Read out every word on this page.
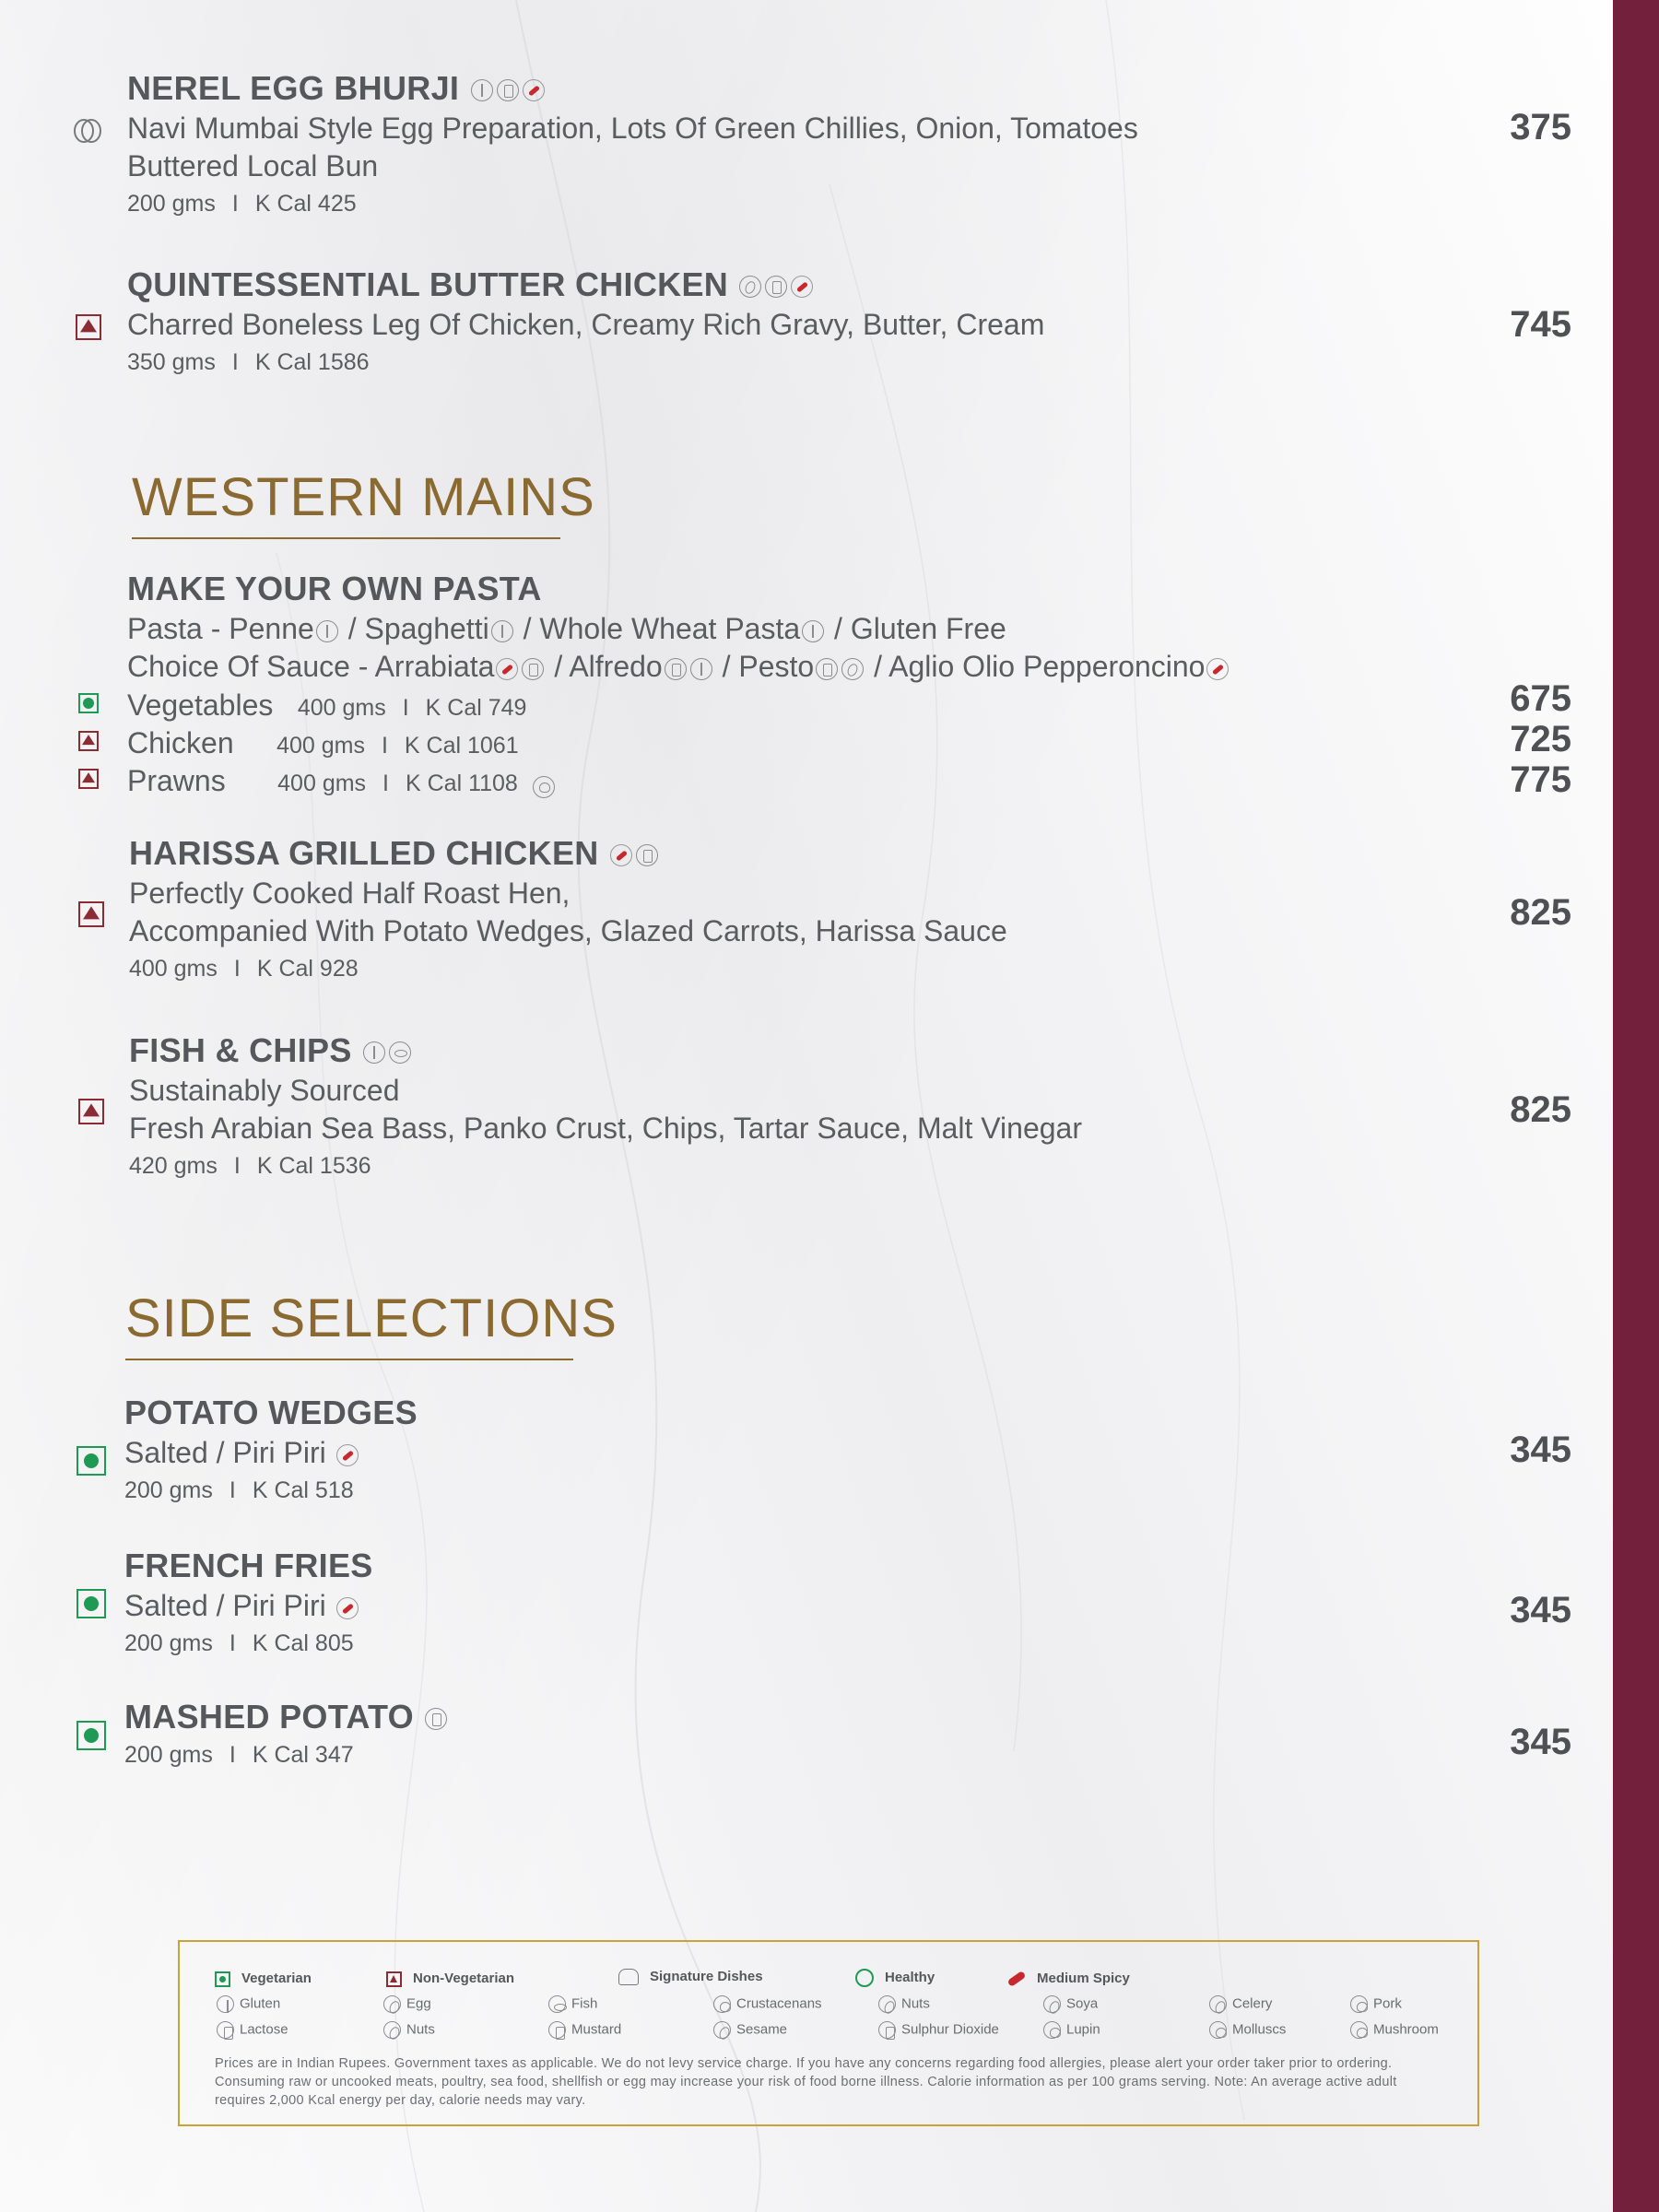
NEREL EGG BHURJI
Navi Mumbai Style Egg Preparation, Lots Of Green Chillies, Onion, Tomatoes
Buttered Local Bun
200 gms I K Cal 425
375
QUINTESSENTIAL BUTTER CHICKEN
Charred Boneless Leg Of Chicken, Creamy Rich Gravy, Butter, Cream
350 gms I K Cal 1586
745
WESTERN MAINS
MAKE YOUR OWN PASTA
Pasta - Penne / Spaghetti / Whole Wheat Pasta / Gluten Free
Choice Of Sauce - Arrabiata / Alfredo / Pesto / Aglio Olio Pepperoncino
Vegetables 400 gms I K Cal 749	675
Chicken 400 gms I K Cal 1061	725
Prawns 400 gms I K Cal 1108	775
HARISSA GRILLED CHICKEN
Perfectly Cooked Half Roast Hen,
Accompanied With Potato Wedges, Glazed Carrots, Harissa Sauce
400 gms I K Cal 928
825
FISH & CHIPS
Sustainably Sourced
Fresh Arabian Sea Bass, Panko Crust, Chips, Tartar Sauce, Malt Vinegar
420 gms I K Cal 1536
825
SIDE SELECTIONS
POTATO WEDGES
Salted / Piri Piri
200 gms I K Cal 518
345
FRENCH FRIES
Salted / Piri Piri
200 gms I K Cal 805
345
MASHED POTATO
200 gms I K Cal 347	345
Vegetarian	Non-Vegetarian	Signature Dishes	Healthy	Medium Spicy
Gluten	Egg	Fish	Crustacenans	Nuts	Soya	Celery	Pork
Lactose	Nuts	Mustard	Sesame	Sulphur Dioxide	Lupin	Molluscs	Mushroom
Prices are in Indian Rupees. Government taxes as applicable. We do not levy service charge. If you have any concerns regarding food allergies, please alert your order taker prior to ordering. Consuming raw or uncooked meats, poultry, sea food, shellfish or egg may increase your risk of food borne illness. Calorie information as per 100 grams serving. Note: An average active adult requires 2,000 Kcal energy per day, calorie needs may vary.
